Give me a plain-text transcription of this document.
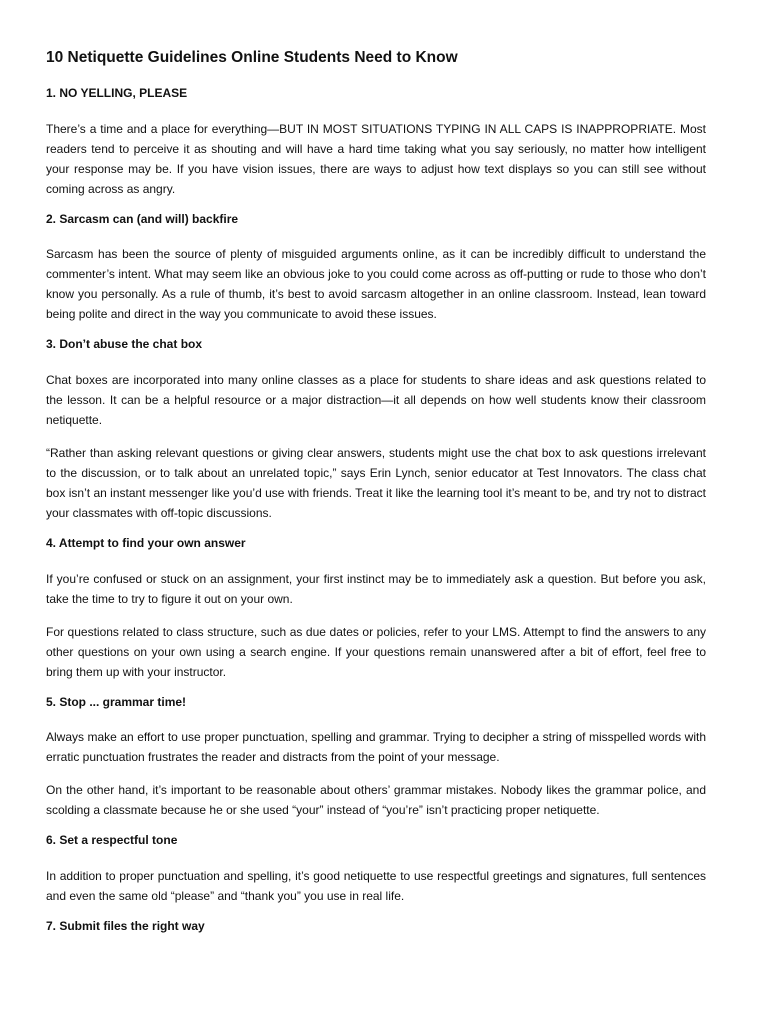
10 Netiquette Guidelines Online Students Need to Know

1. NO YELLING, PLEASE

There’s a time and a place for everything—BUT IN MOST SITUATIONS TYPING IN ALL CAPS IS INAPPROPRIATE. Most readers tend to perceive it as shouting and will have a hard time taking what you say seriously, no matter how intelligent your response may be. If you have vision issues, there are ways to adjust how text displays so you can still see without coming across as angry.

2. Sarcasm can (and will) backfire

Sarcasm has been the source of plenty of misguided arguments online, as it can be incredibly difficult to understand the commenter’s intent. What may seem like an obvious joke to you could come across as off-putting or rude to those who don’t know you personally. As a rule of thumb, it’s best to avoid sarcasm altogether in an online classroom. Instead, lean toward being polite and direct in the way you communicate to avoid these issues.

3. Don’t abuse the chat box

Chat boxes are incorporated into many online classes as a place for students to share ideas and ask questions related to the lesson. It can be a helpful resource or a major distraction—it all depends on how well students know their classroom netiquette.

“Rather than asking relevant questions or giving clear answers, students might use the chat box to ask questions irrelevant to the discussion, or to talk about an unrelated topic,” says Erin Lynch, senior educator at Test Innovators. The class chat box isn’t an instant messenger like you’d use with friends. Treat it like the learning tool it’s meant to be, and try not to distract your classmates with off-topic discussions.

4. Attempt to find your own answer

If you’re confused or stuck on an assignment, your first instinct may be to immediately ask a question. But before you ask, take the time to try to figure it out on your own.

For questions related to class structure, such as due dates or policies, refer to your LMS. Attempt to find the answers to any other questions on your own using a search engine. If your questions remain unanswered after a bit of effort, feel free to bring them up with your instructor.

5. Stop ... grammar time!

Always make an effort to use proper punctuation, spelling and grammar. Trying to decipher a string of misspelled words with erratic punctuation frustrates the reader and distracts from the point of your message.

On the other hand, it’s important to be reasonable about others’ grammar mistakes. Nobody likes the grammar police, and scolding a classmate because he or she used “your” instead of “you’re” isn’t practicing proper netiquette.

6. Set a respectful tone

In addition to proper punctuation and spelling, it’s good netiquette to use respectful greetings and signatures, full sentences and even the same old “please” and “thank you” you use in real life.

7. Submit files the right way
